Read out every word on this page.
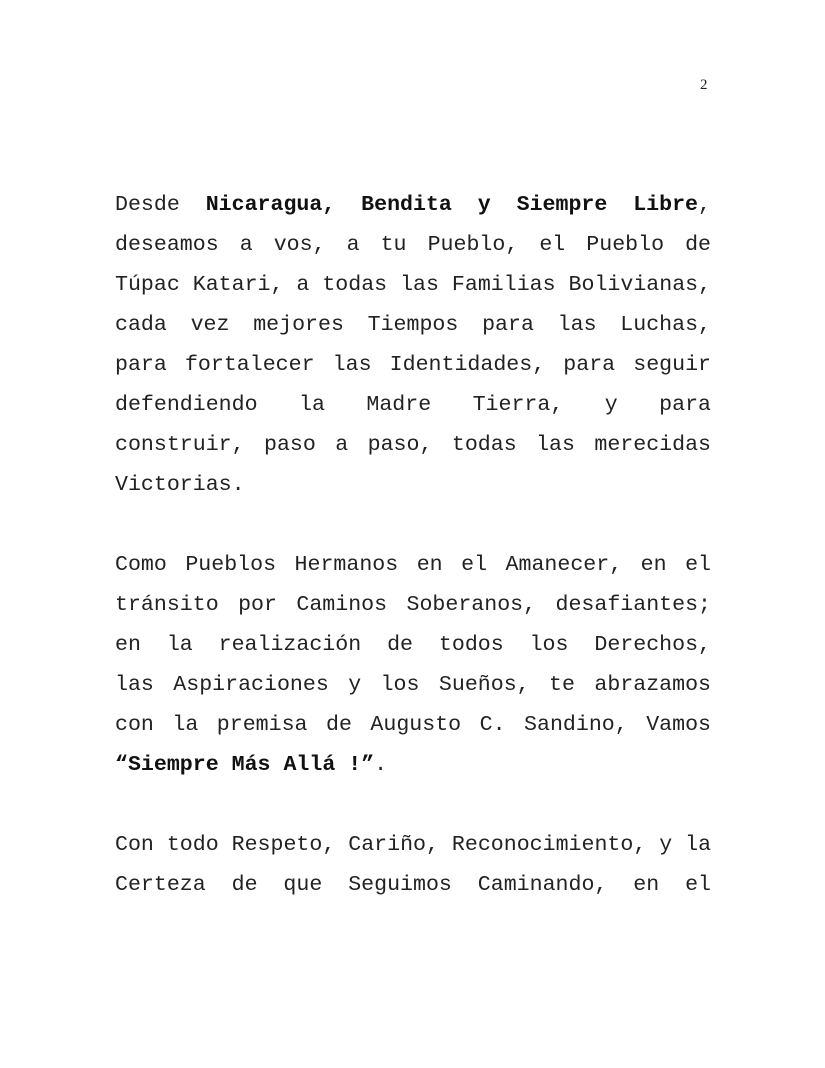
2
Desde Nicaragua, Bendita y Siempre Libre,
deseamos a vos, a tu Pueblo, el Pueblo de
Túpac Katari, a todas las Familias Bolivianas,
cada vez mejores Tiempos para las Luchas,
para fortalecer las Identidades, para seguir
defendiendo la Madre Tierra, y para
construir, paso a paso, todas las merecidas
Victorias.
Como Pueblos Hermanos en el Amanecer, en el
tránsito por Caminos Soberanos, desafiantes;
en la realización de todos los Derechos,
las Aspiraciones y los Sueños, te abrazamos
con la premisa de Augusto C. Sandino, Vamos
“Siempre Más Allá !”.
Con todo Respeto, Cariño, Reconocimiento, y la
Certeza de que Seguimos Caminando, en el
